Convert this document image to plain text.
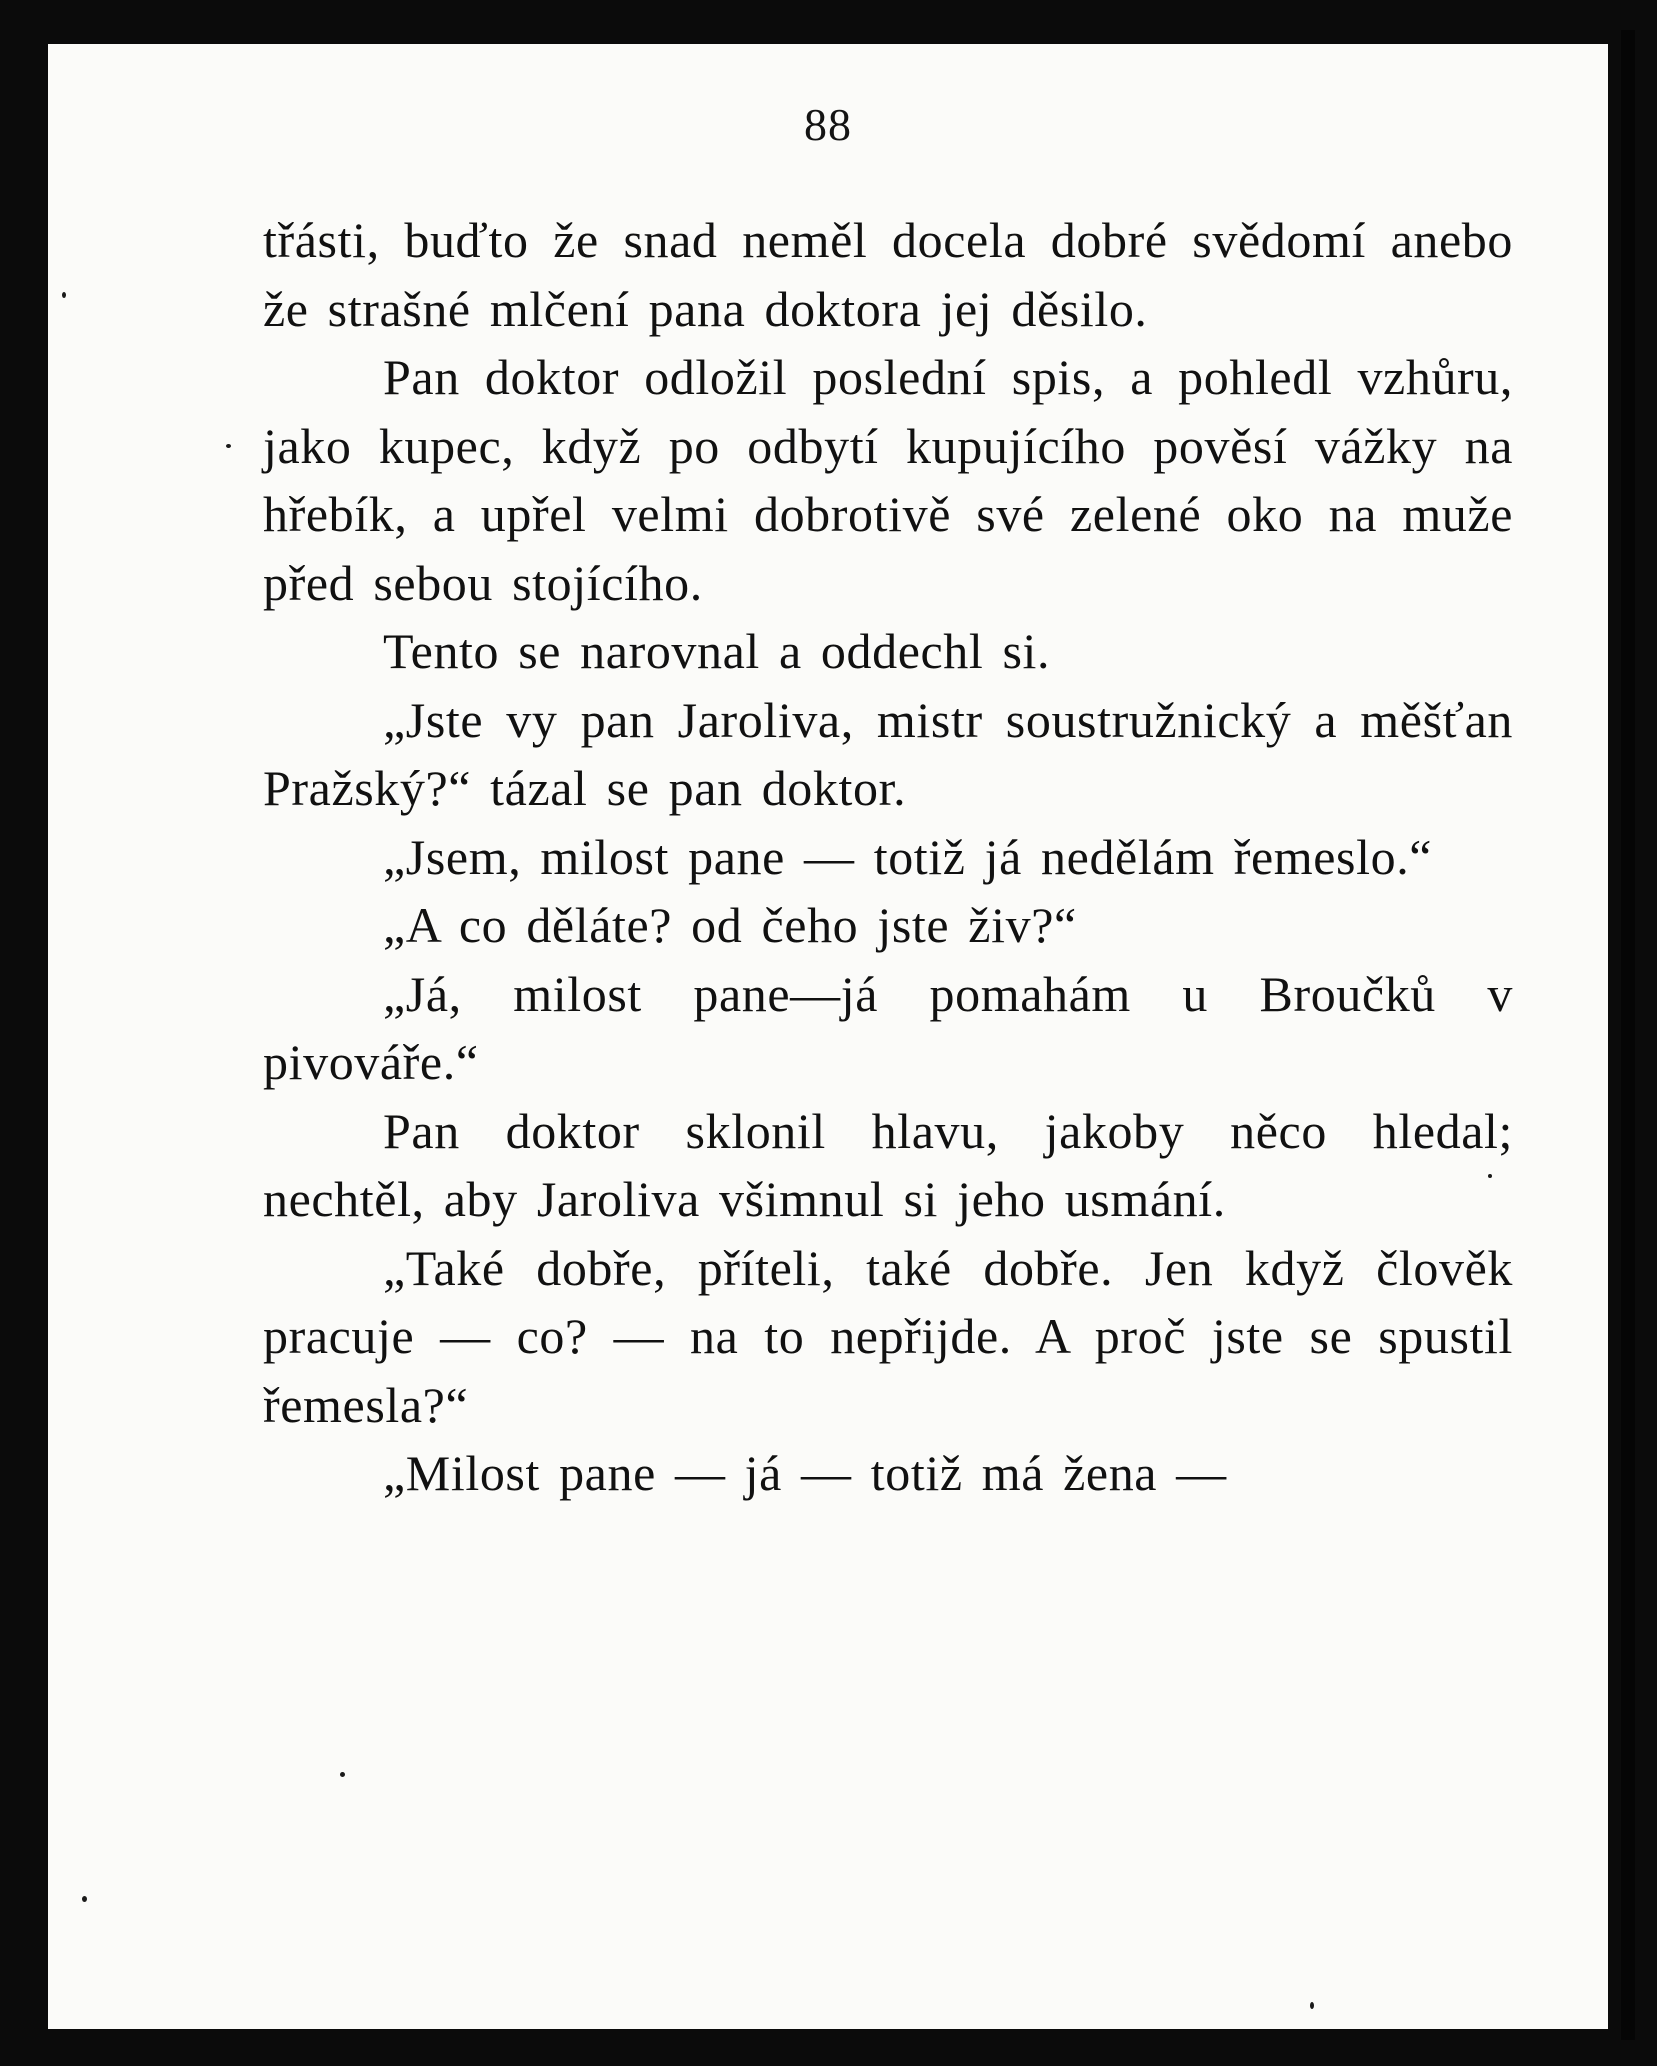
88

třásti, buďto že snad neměl docela dobré svědomí anebo že strašné mlčení pana doktora jej děsilo.

Pan doktor odložil poslední spis, a pohledl vzhůru, jako kupec, když po odbytí kupujícího pověsí vážky na hřebík, a upřel velmi dobrotivě své zelené oko na muže před sebou stojícího.

Tento se narovnal a oddechl si.

„Jste vy pan Jaroliva, mistr soustružnický a měšťan Pražský?“ tázal se pan doktor.

„Jsem, milost pane — totiž já nedělám řemeslo.“

„A co děláte? od čeho jste živ?“

„Já, milost pane—já pomahám u Broučků v pivováře.“

Pan doktor sklonil hlavu, jakoby něco hledal; nechtěl, aby Jaroliva všimnul si jeho usmání.

„Také dobře, příteli, také dobře. Jen když člověk pracuje — co? — na to nepřijde. A proč jste se spustil řemesla?“

„Milost pane — já — totiž má žena —
